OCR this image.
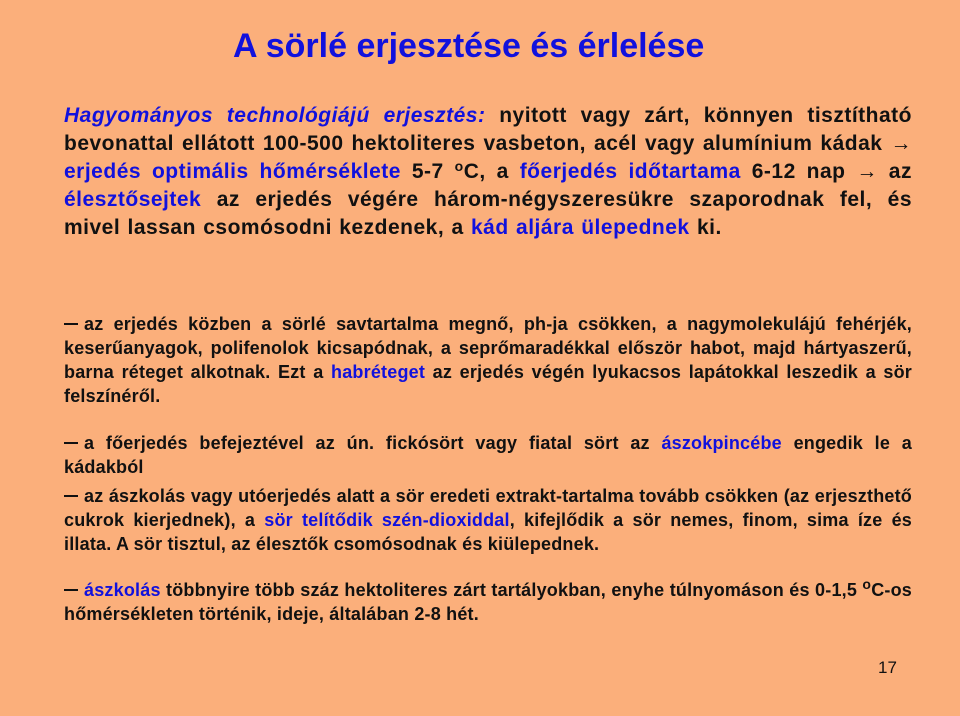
A sörlé erjesztése és érlelése

Hagyományos technológiájú erjesztés: nyitott vagy zárt, könnyen tisztítható bevonattal ellátott 100-500 hektoliteres vasbeton, acél vagy alumínium kádak → erjedés optimális hőmérséklete 5-7 $^o$C, a főerjedés időtartama 6-12 nap → az élesztősejtek az erjedés végére három-négyszeresükre szaporodnak fel, és mivel lassan csomósodni kezdenek, a kád aljára ülepednek ki.

az erjedés közben a sörlé savtartalma megnő, ph-ja csökken, a nagymolekulájú fehérjék, keserűanyagok, polifenolok kicsapódnak, a seprőmaradékkal először habot, majd hártyaszerű, barna réteget alkotnak. Ezt a habréteget az erjedés végén lyukacsos lapátokkal leszedik a sör felszínéről.

a főerjedés befejeztével az ún. fickósört vagy fiatal sört az ászokpincébe engedik le a kádakból

az ászkolás vagy utóerjedés alatt a sör eredeti extrakt-tartalma tovább csökken (az erjeszthető cukrok kierjednek), a sör telítődik szén-dioxiddal, kifejlődik a sör nemes, finom, sima íze és illata. A sör tisztul, az élesztők csomósodnak és kiülepednek.

ászkolás többnyire több száz hektoliteres zárt tartályokban, enyhe túlnyomáson és 0-1,5 $^o$C-os hőmérsékleten történik, ideje, általában 2-8 hét.

17
